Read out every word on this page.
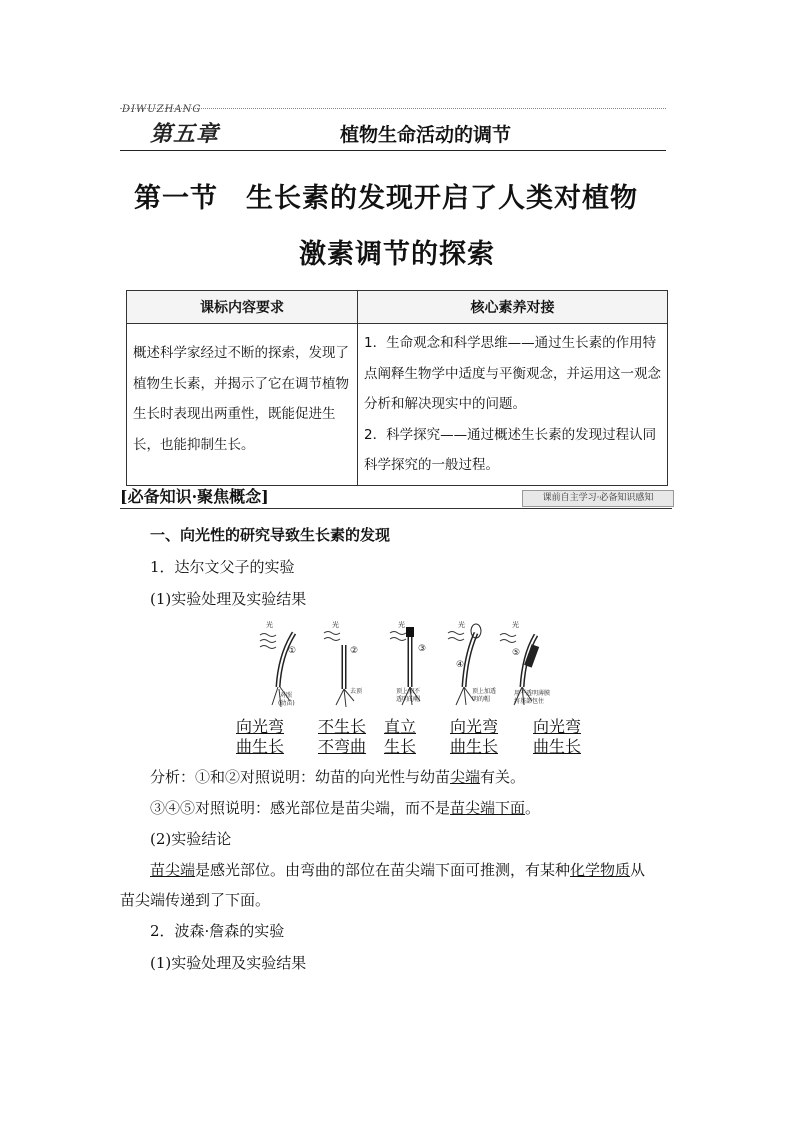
DIWUZHANG
第五章	植物生命活动的调节
第一节　生长素的发现开启了人类对植物
激素调节的探索
课标内容要求	核心素养对接
概述科学家经过不断的探索，发现了植物生长素，并揭示了它在调节植物生长时表现出两重性，既能促进生长，也能抑制生长。	1．生命观念和科学思维——通过生长素的作用特点阐释生物学中适度与平衡观念，并运用这一观念分析和解决现实中的问题。
2．科学探究——通过概述生长素的发现过程认同科学探究的一般过程。
[必备知识·聚焦概念]	课前自主学习·必备知识感知
一、向光性的研究导致生长素的发现
1．达尔文父子的实验
(1)实验处理及实验结果
光
①
对照
(幼苗)
光
②
去顶
光
③
顶上加不
透明的帽
光
④
顶上加透
明的帽
光
⑤
用不透明薄膜
将基部包住
向光弯
曲生长
不生长
不弯曲
直立
生长
向光弯
曲生长
向光弯
曲生长
分析：①和②对照说明：幼苗的向光性与幼苗尖端有关。
③④⑤对照说明：感光部位是苗尖端，而不是苗尖端下面。
(2)实验结论
苗尖端是感光部位。由弯曲的部位在苗尖端下面可推测，有某种化学物质从
苗尖端传递到了下面。
2．波森·詹森的实验
(1)实验处理及实验结果
